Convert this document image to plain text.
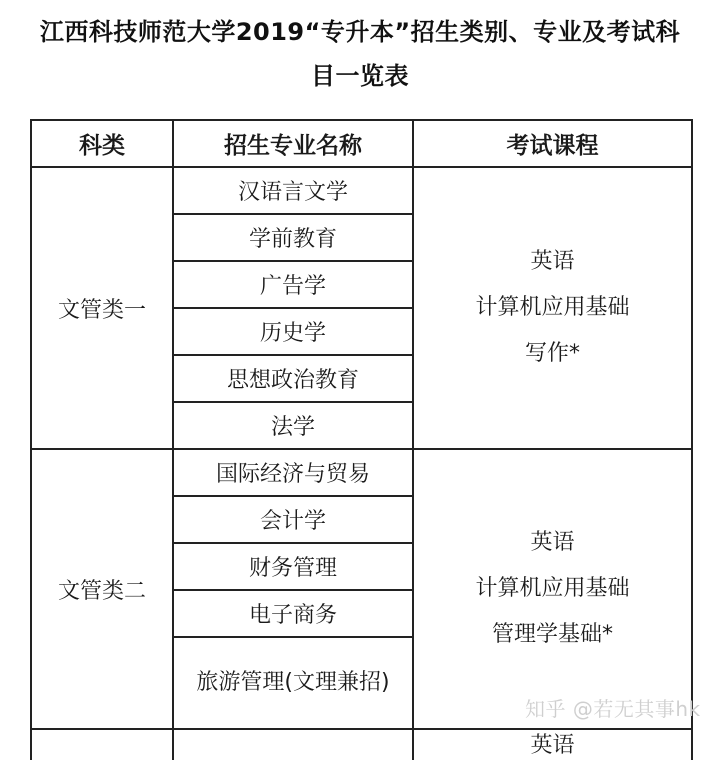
江西科技师范大学2019“专升本”招生类别、专业及考试科
目一览表
科类	招生专业名称	考试课程
文管类一	汉语言文学	英语
计算机应用基础
写作*

	学前教育	
	广告学	
	历史学	
	思想政治教育	
	法学	
文管类二	国际经济与贸易	英语
计算机应用基础
管理学基础*

	会计学	
	财务管理	
	电子商务	
	旅游管理(文理兼招)	
		英语
知乎 @若无其事hk
